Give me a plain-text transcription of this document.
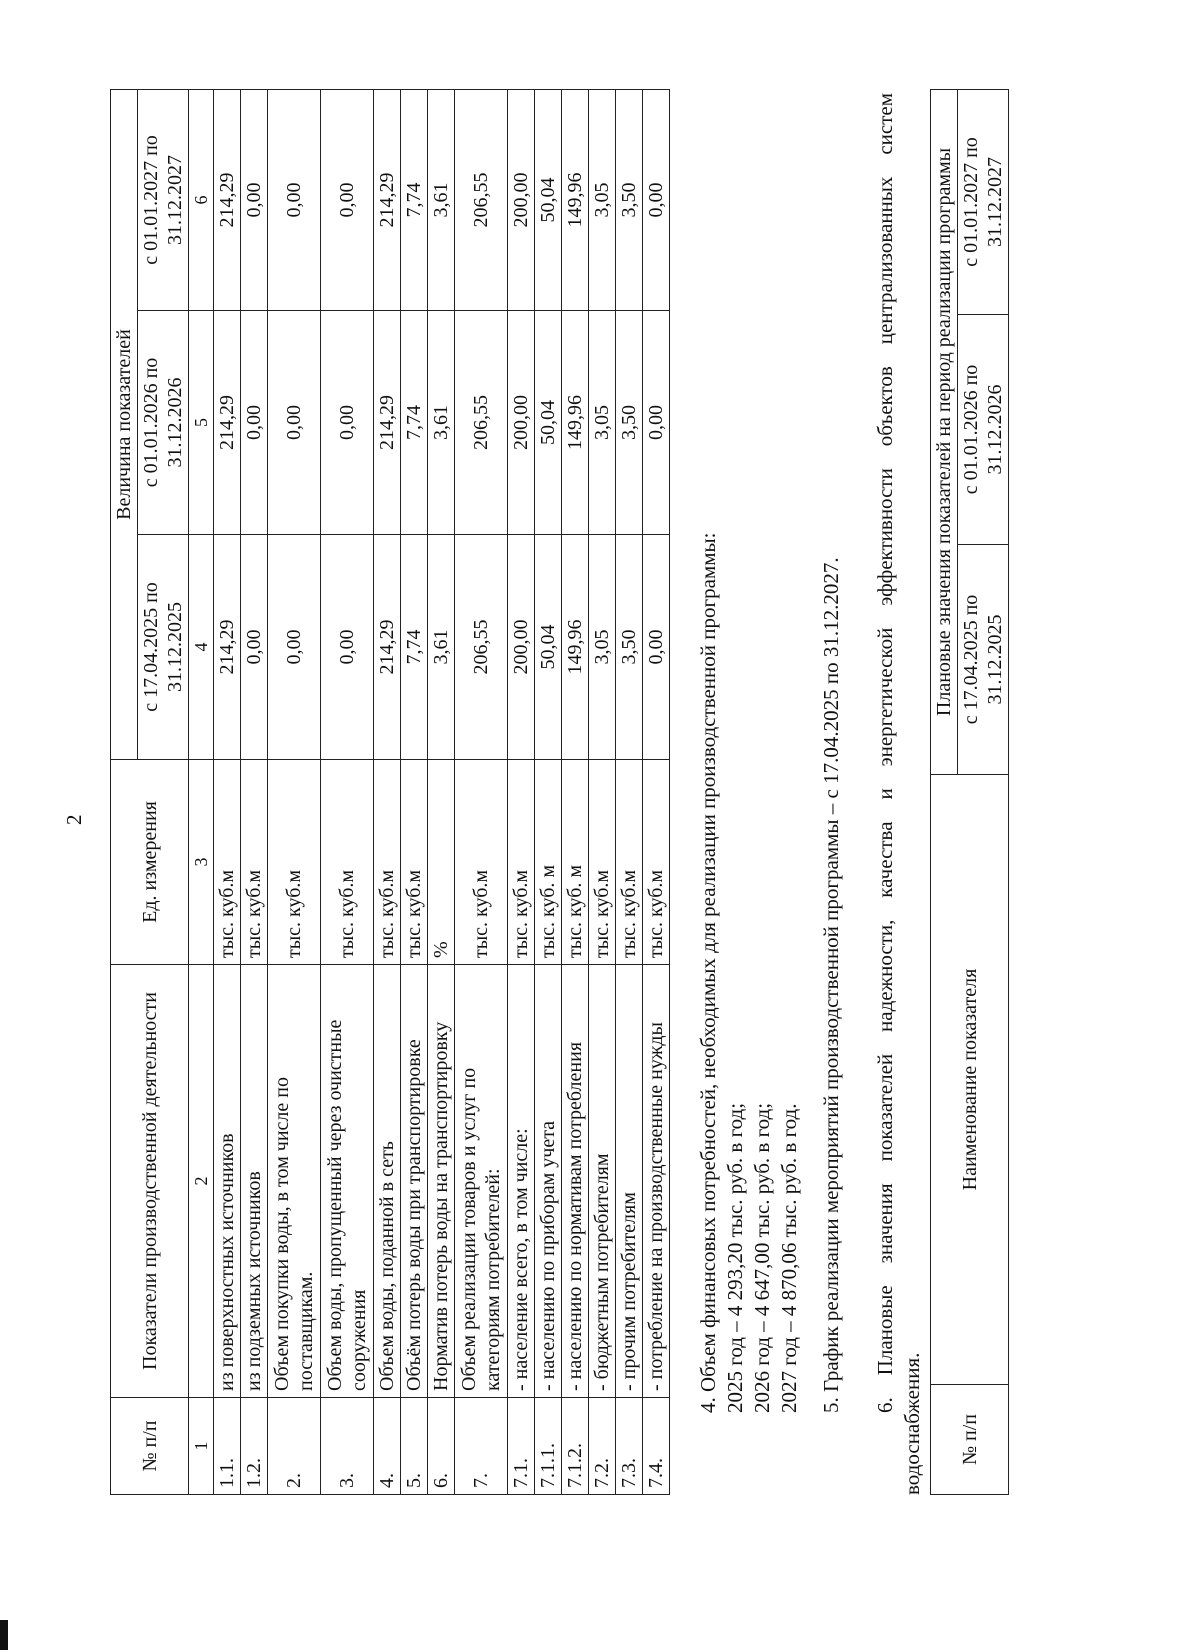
2
№ п/п	Показатели производственной деятельности	Ед. измерения	Величина показателей		
			с 17.04.2025 по 31.12.2025	с 01.01.2026 по 31.12.2026	с 01.01.2027 по 31.12.2027
1	2	3	4	5	6
1.1.	из поверхностных источников	тыс. куб.м	214,29	214,29	214,29
1.2.	из подземных источников	тыс. куб.м	0,00	0,00	0,00
2.	Объем покупки воды, в том числе по поставщикам.	тыс. куб.м	0,00	0,00	0,00
3.	Объем воды, пропущенный через очистные сооружения	тыс. куб.м	0,00	0,00	0,00
4.	Объем воды, поданной в сеть	тыс. куб.м	214,29	214,29	214,29
5.	Объём потерь воды при транспортировке	тыс. куб.м	7,74	7,74	7,74
6.	Норматив потерь воды на транспортировку	%	3,61	3,61	3,61
7.	Объем реализации товаров и услуг по категориям потребителей:	тыс. куб.м	206,55	206,55	206,55
7.1.	- население всего, в том числе:	тыс. куб.м	200,00	200,00	200,00
7.1.1.	- населению по приборам учета	тыс. куб. м	50,04	50,04	50,04
7.1.2.	- населению по нормативам потребления	тыс. куб. м	149,96	149,96	149,96
7.2.	- бюджетным потребителям	тыс. куб.м	3,05	3,05	3,05
7.3.	- прочим потребителям	тыс. куб.м	3,50	3,50	3,50
7.4.	- потребление на производственные нужды	тыс. куб.м	0,00	0,00	0,00
4. Объем финансовых потребностей, необходимых для реализации производственной программы: 2025 год – 4 293,20 тыс. руб. в год; 2026 год – 4 647,00 тыс. руб. в год; 2027 год – 4 870,06 тыс. руб. в год. 5. График реализации мероприятий производственной программы – с 17.04.2025 по 31.12.2027. 6. Плановые значения показателей надежности, качества и энергетической эффективности объектов централизованных систем
водоснабжения. № п/п	Наименование показателя	Плановые значения показателей на период реализации программы		
		с 17.04.2025 по 31.12.2025	с 01.01.2026 по 31.12.2026	с 01.01.2027 по 31.12.2027
